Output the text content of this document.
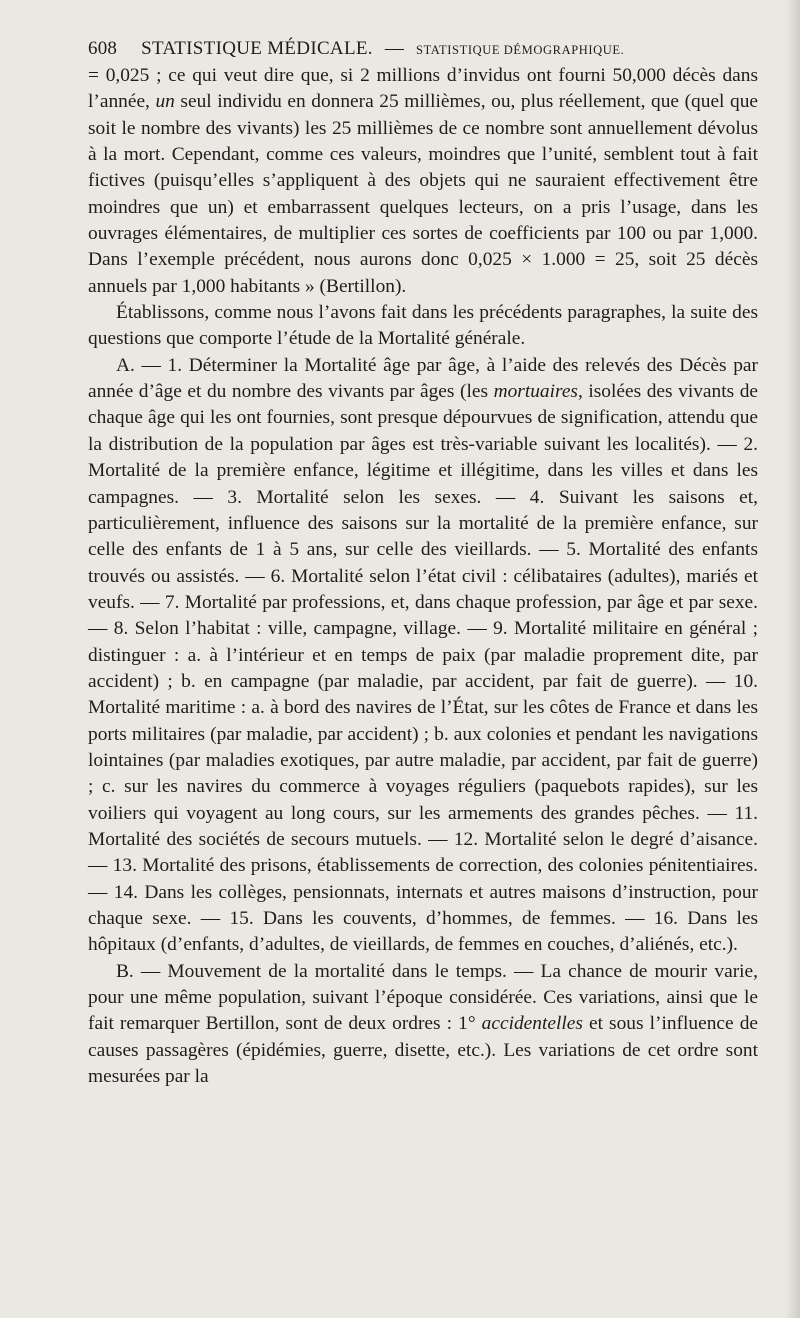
608 STATISTIQUE MÉDICALE. — STATISTIQUE DÉMOGRAPHIQUE.

= 0,025 ; ce qui veut dire que, si 2 millions d’invidus ont fourni 50,000 décès dans l’année, un seul individu en donnera 25 millièmes, ou, plus réellement, que (quel que soit le nombre des vivants) les 25 millièmes de ce nombre sont annuellement dévolus à la mort. Cependant, comme ces valeurs, moindres que l’unité, semblent tout à fait fictives (puisqu’elles s’appliquent à des objets qui ne sauraient effectivement être moindres que un) et embarrassent quelques lecteurs, on a pris l’usage, dans les ouvrages élémentaires, de multiplier ces sortes de coefficients par 100 ou par 1,000. Dans l’exemple précédent, nous aurons donc 0,025 × 1.000 = 25, soit 25 décès annuels par 1,000 habitants » (Bertillon).

Établissons, comme nous l’avons fait dans les précédents paragraphes, la suite des questions que comporte l’étude de la Mortalité générale.

A. — 1. Déterminer la Mortalité âge par âge, à l’aide des relevés des Décès par année d’âge et du nombre des vivants par âges (les mortuaires, isolées des vivants de chaque âge qui les ont fournies, sont presque dépourvues de signification, attendu que la distribution de la population par âges est très-variable suivant les localités). — 2. Mortalité de la première enfance, légitime et illégitime, dans les villes et dans les campagnes. — 3. Mortalité selon les sexes. — 4. Suivant les saisons et, particulièrement, influence des saisons sur la mortalité de la première enfance, sur celle des enfants de 1 à 5 ans, sur celle des vieillards. — 5. Mortalité des enfants trouvés ou assistés. — 6. Mortalité selon l’état civil : célibataires (adultes), mariés et veufs. — 7. Mortalité par professions, et, dans chaque profession, par âge et par sexe. — 8. Selon l’habitat : ville, campagne, village. — 9. Mortalité militaire en général ; distinguer : a. à l’intérieur et en temps de paix (par maladie proprement dite, par accident) ; b. en campagne (par maladie, par accident, par fait de guerre). — 10. Mortalité maritime : a. à bord des navires de l’État, sur les côtes de France et dans les ports militaires (par maladie, par accident) ; b. aux colonies et pendant les navigations lointaines (par maladies exotiques, par autre maladie, par accident, par fait de guerre) ; c. sur les navires du commerce à voyages réguliers (paquebots rapides), sur les voiliers qui voyagent au long cours, sur les armements des grandes pêches. — 11. Mortalité des sociétés de secours mutuels. — 12. Mortalité selon le degré d’aisance. — 13. Mortalité des prisons, établissements de correction, des colonies pénitentiaires. — 14. Dans les collèges, pensionnats, internats et autres maisons d’instruction, pour chaque sexe. — 15. Dans les couvents, d’hommes, de femmes. — 16. Dans les hôpitaux (d’enfants, d’adultes, de vieillards, de femmes en couches, d’aliénés, etc.).

B. — Mouvement de la mortalité dans le temps. — La chance de mourir varie, pour une même population, suivant l’époque considérée. Ces variations, ainsi que le fait remarquer Bertillon, sont de deux ordres : 1° accidentelles et sous l’influence de causes passagères (épidémies, guerre, disette, etc.). Les variations de cet ordre sont mesurées par la
